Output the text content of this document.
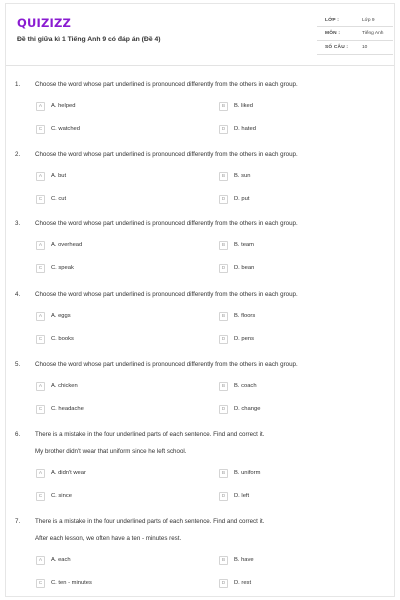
QUIZIZZ
Đề thi giữa kì 1 Tiếng Anh 9 có đáp án (Đề 4)
LỚP :	Lớp 9
MÔN :	Tiếng Anh
SỐ CÂU :	10
1. Choose the word whose part underlined is pronounced differently from the others in each group.
A	A. helped	B	B. liked
C	C. watched	D	D. hated
2. Choose the word whose part underlined is pronounced differently from the others in each group.
A	A. but	B	B. sun
C	C. cut	D	D. put
3. Choose the word whose part underlined is pronounced differently from the others in each group.
A	A. overhead	B	B. team
C	C. speak	D	D. bean
4. Choose the word whose part underlined is pronounced differently from the others in each group.
A	A. eggs	B	B. floors
C	C. books	D	D. pens
5. Choose the word whose part underlined is pronounced differently from the others in each group.
A	A. chicken	B	B. coach
C	C. headache	D	D. change
6. There is a mistake in the four underlined parts of each sentence. Find and correct it.
My brother didn't wear that uniform since he left school.
A	A. didn't wear	B	B. uniform
C	C. since	D	D. left
7. There is a mistake in the four underlined parts of each sentence. Find and correct it.
After each lesson, we often have a ten - minutes rest.
A	A. each	B	B. have
C	C. ten - minutes	D	D. rest
